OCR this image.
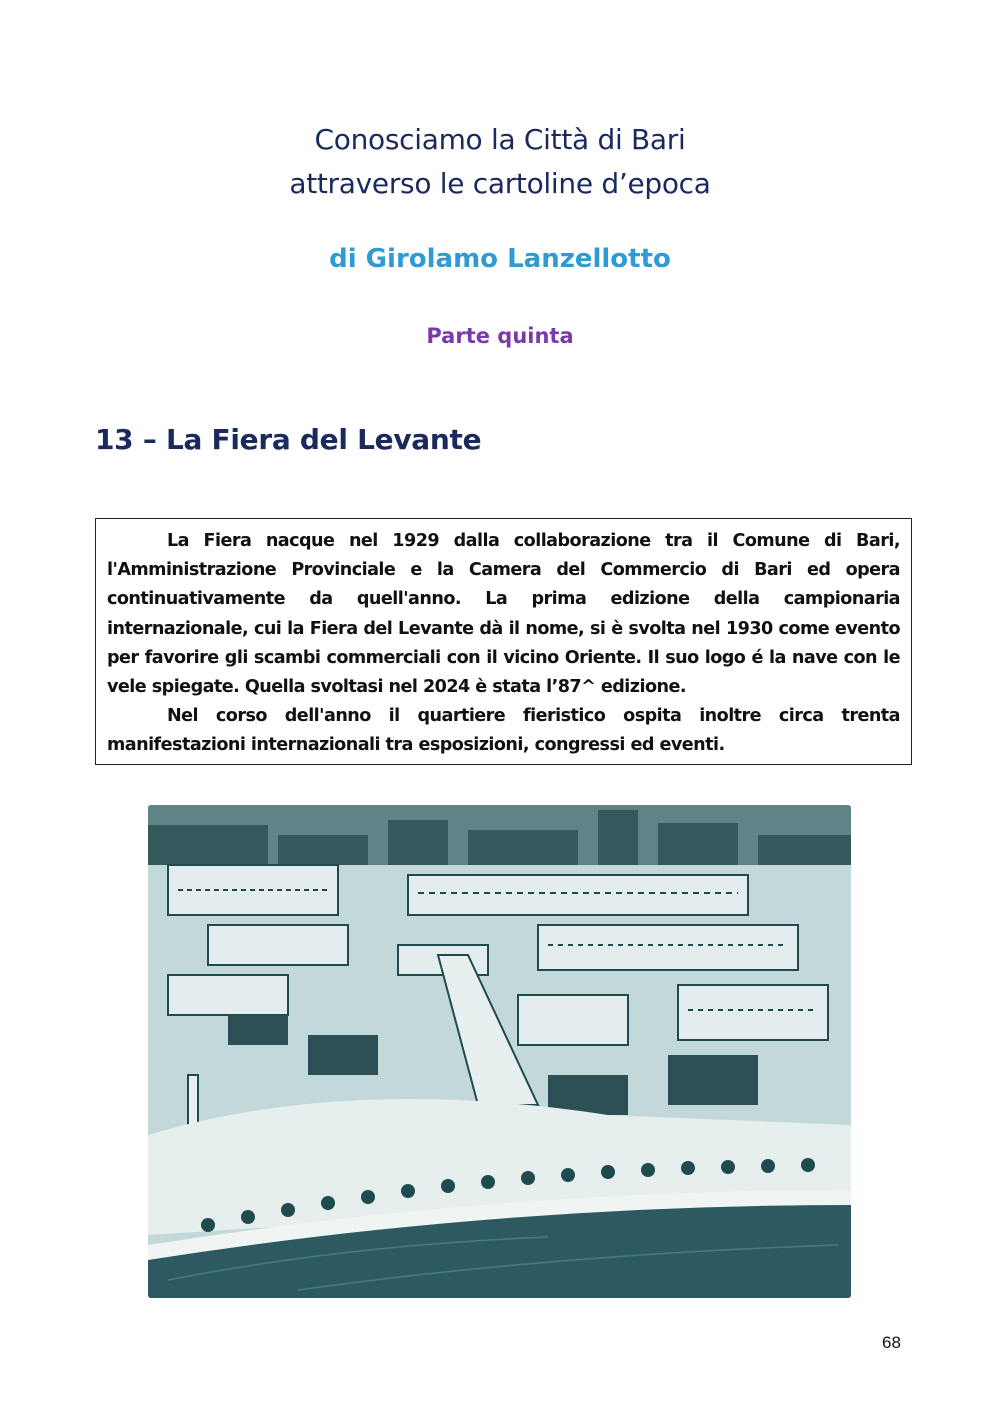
Conosciamo la Città di Bari
attraverso le cartoline d’epoca
di Girolamo Lanzellotto
Parte quinta
13 – La Fiera del Levante

La Fiera nacque nel 1929 dalla collaborazione tra il Comune di Bari, l'Amministrazione Provinciale e la Camera del Commercio di Bari ed opera continuativamente da quell'anno. La prima edizione della campionaria internazionale, cui la Fiera del Levante dà il nome, si è svolta nel 1930 come evento per favorire gli scambi commerciali con il vicino Oriente. Il suo logo é la nave con le vele spiegate. Quella svoltasi nel 2024 è stata l’87^ edizione.

Nel corso dell'anno il quartiere fieristico ospita inoltre circa trenta manifestazioni internazionali tra esposizioni, congressi ed eventi.

68
